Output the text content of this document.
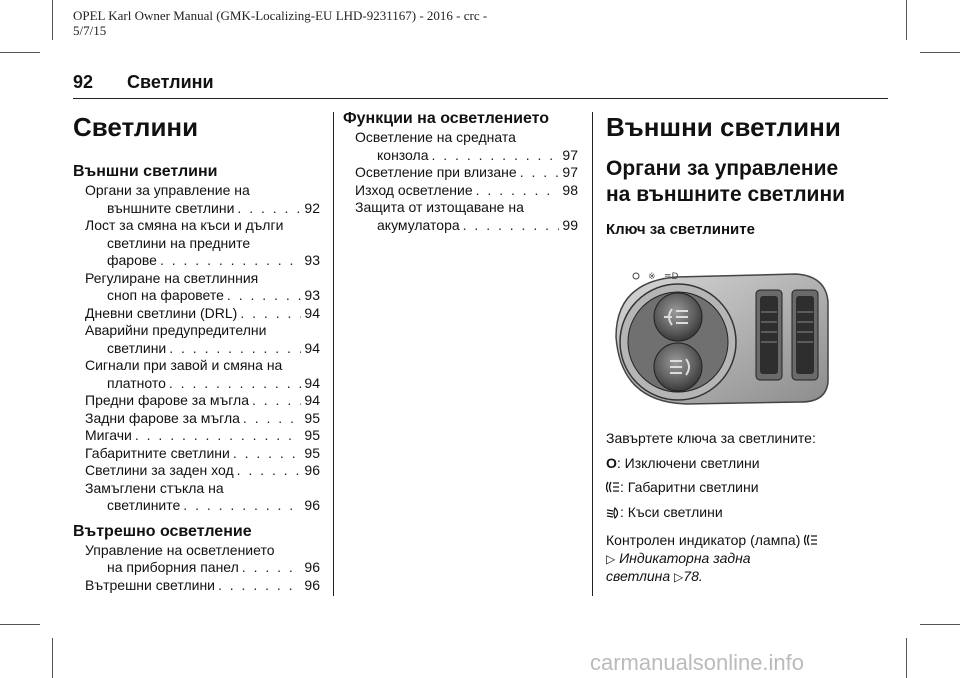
OPEL Karl Owner Manual (GMK-Localizing-EU LHD-9231167) - 2016 - crc -
5/7/15
92 Светлини
Светлини
Външни светлини
Органи за управление на
външните светлини . . .	92
Лост за смяна на къси и дълги
светлини на предните
фарове . . .	93
Регулиране на светлинния
сноп на фаровете . . .	93
Дневни светлини (DRL) . . .	94
Аварийни предупредителни
светлини . . .	94
Сигнали при завой и смяна на
платното . . .	94
Предни фарове за мъгла . . .	94
Задни фарове за мъгла . . .	95
Мигачи . . .	95
Габаритните светлини . . .	95
Светлини за заден ход . . .	96
Замъглени стъкла на
светлините . . .	96
Вътрешно осветление
Управление на осветлението
на приборния панел . . .	96
Вътрешни светлини . . .	96
Функции на осветлението
Осветление на средната
конзола . . .	97
Осветление при влизане . . .	97
Изход осветление . . .	98
Защита от изтощаване на
акумулатора . . .	99
Външни светлини
Органи за управление
на външните светлини
Ключ за светлините
※ ≡D
Завъртете ключа за светлините:
O: Изключени светлини
: Габаритни светлини
: Къси светлини
Контролен индикатор (лампа)
▷ Индикаторна задна
светлина ▷78.
carmanualsonline.info
